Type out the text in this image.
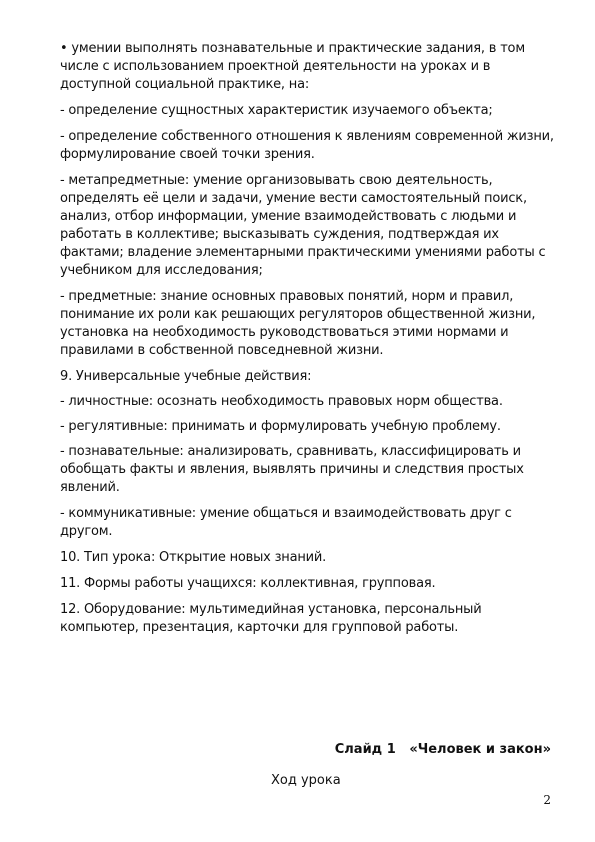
• умении выполнять познавательные и практические задания, в том числе с использованием проектной деятельности на уроках и в доступной социальной практике, на:

- определение сущностных характеристик изучаемого объекта;

- определение собственного отношения к явлениям современной жизни, формулирование своей точки зрения.

- метапредметные: умение организовывать свою деятельность, определять её цели и задачи, умение вести самостоятельный поиск, анализ, отбор информации, умение взаимодействовать с людьми и работать в коллективе; высказывать суждения, подтверждая их фактами; владение элементарными практическими умениями работы с учебником для исследования;

- предметные: знание основных правовых понятий, норм и правил, понимание их роли как решающих регуляторов общественной жизни, установка на необходимость руководствоваться этими нормами и правилами в собственной повседневной жизни.

9. Универсальные учебные действия:

- личностные: осознать необходимость правовых норм общества.

- регулятивные: принимать и формулировать учебную проблему.

- познавательные: анализировать, сравнивать, классифицировать и обобщать факты и явления, выявлять причины и следствия простых явлений.

- коммуникативные: умение общаться и взаимодействовать друг с другом.

10. Тип урока: Открытие новых знаний.

11. Формы работы учащихся: коллективная, групповая.

12. Оборудование: мультимедийная установка, персональный компьютер, презентация, карточки для групповой работы.

Слайд 1   «Человек и закон»
Ход урока
2
